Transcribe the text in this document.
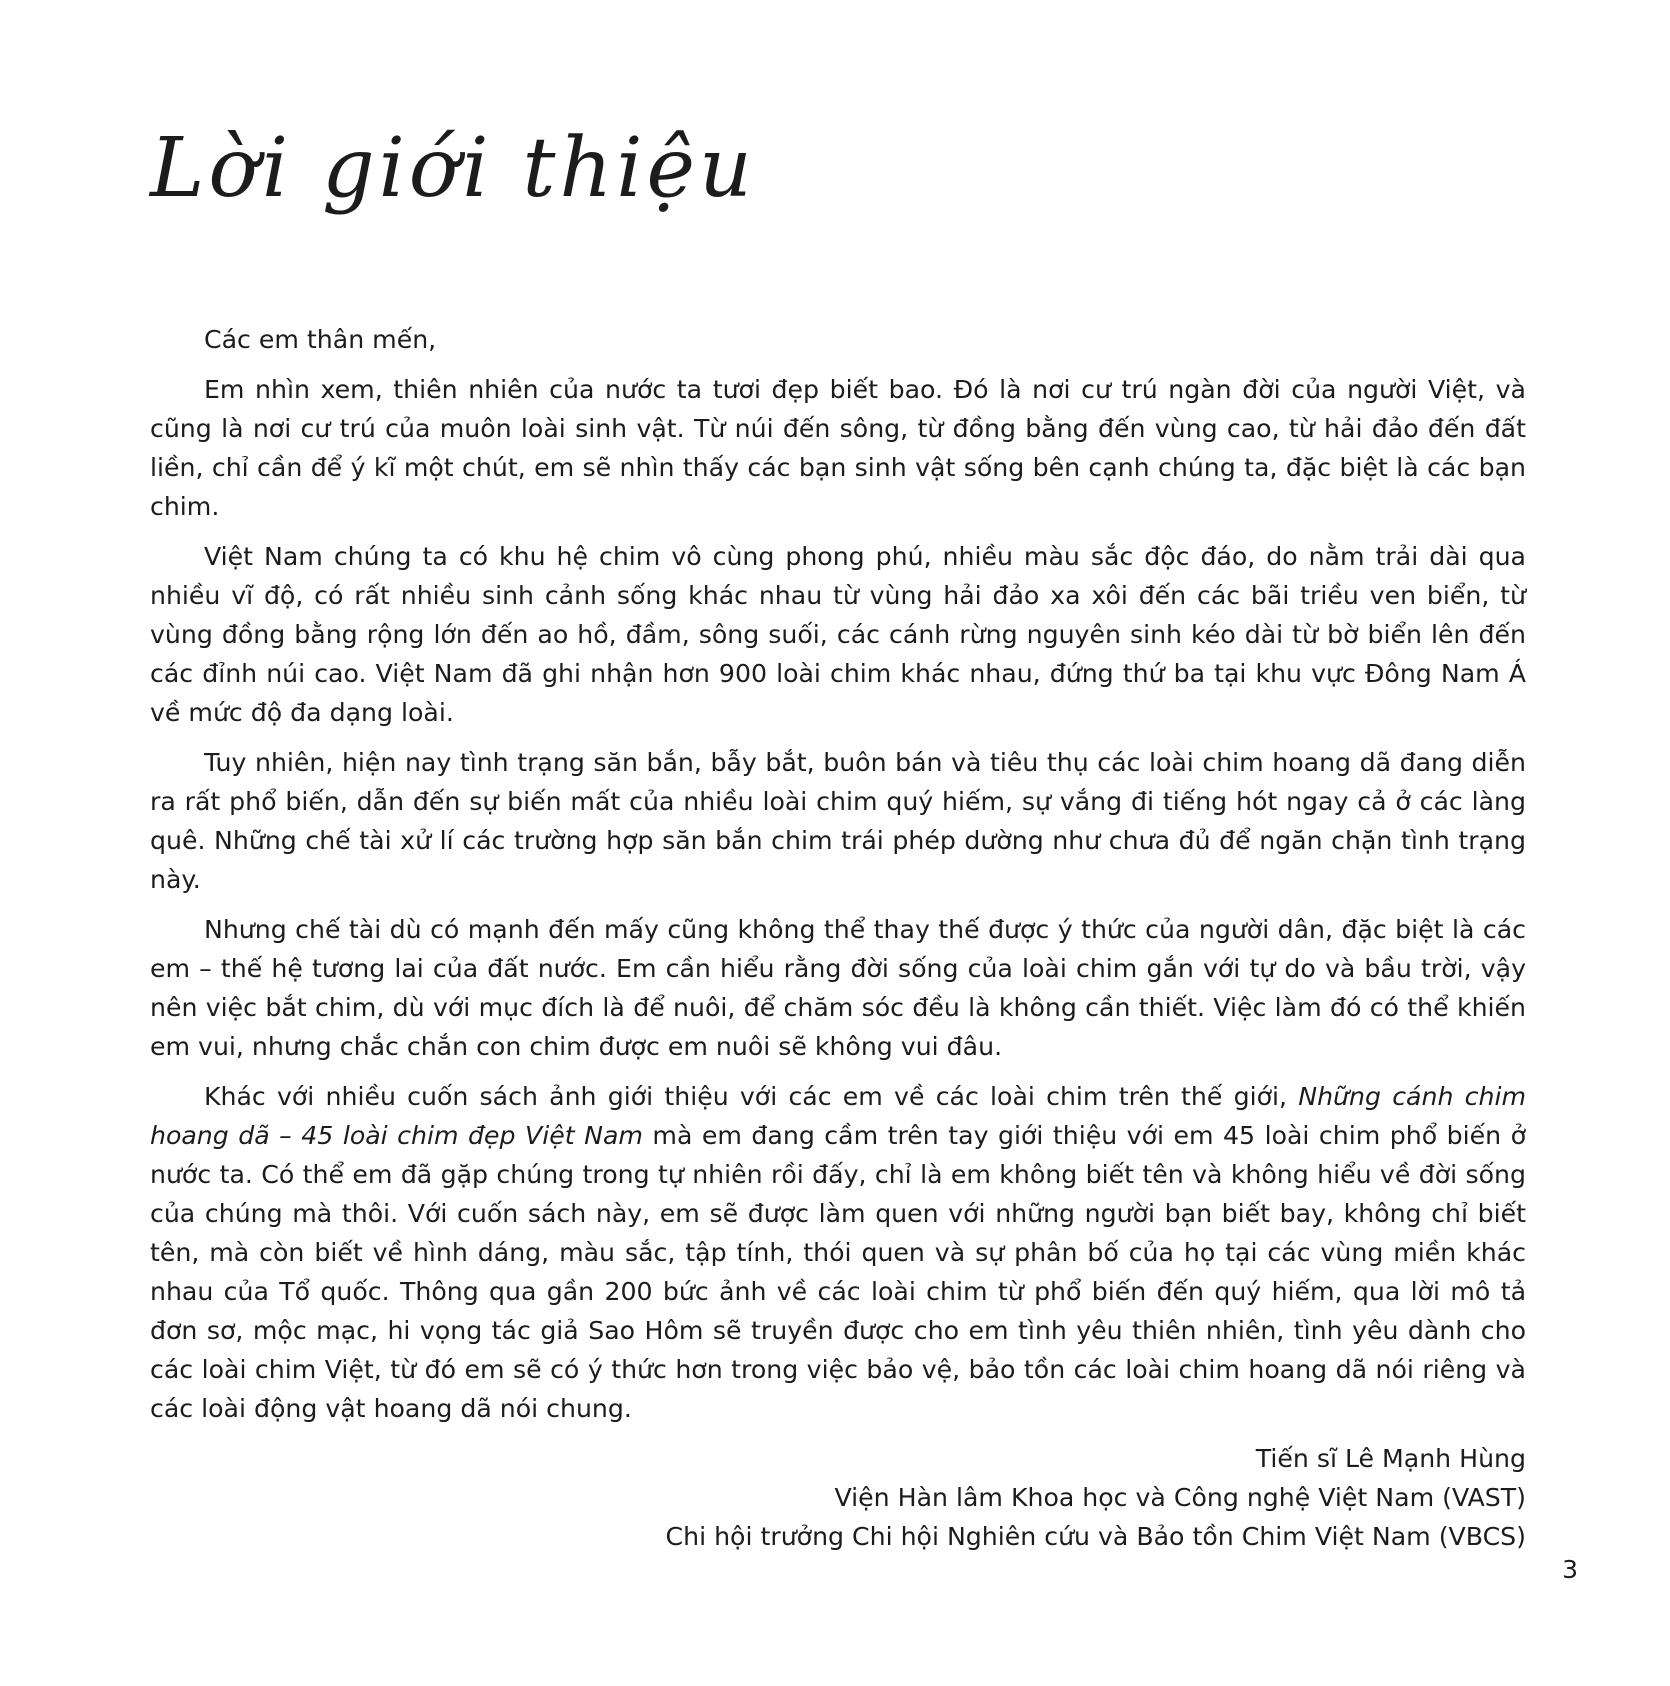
Lời giới thiệu

Các em thân mến,

Em nhìn xem, thiên nhiên của nước ta tươi đẹp biết bao. Đó là nơi cư trú ngàn đời của người Việt, và cũng là nơi cư trú của muôn loài sinh vật. Từ núi đến sông, từ đồng bằng đến vùng cao, từ hải đảo đến đất liền, chỉ cần để ý kĩ một chút, em sẽ nhìn thấy các bạn sinh vật sống bên cạnh chúng ta, đặc biệt là các bạn chim.

Việt Nam chúng ta có khu hệ chim vô cùng phong phú, nhiều màu sắc độc đáo, do nằm trải dài qua nhiều vĩ độ, có rất nhiều sinh cảnh sống khác nhau từ vùng hải đảo xa xôi đến các bãi triều ven biển, từ vùng đồng bằng rộng lớn đến ao hồ, đầm, sông suối, các cánh rừng nguyên sinh kéo dài từ bờ biển lên đến các đỉnh núi cao. Việt Nam đã ghi nhận hơn 900 loài chim khác nhau, đứng thứ ba tại khu vực Đông Nam Á về mức độ đa dạng loài.

Tuy nhiên, hiện nay tình trạng săn bắn, bẫy bắt, buôn bán và tiêu thụ các loài chim hoang dã đang diễn ra rất phổ biến, dẫn đến sự biến mất của nhiều loài chim quý hiếm, sự vắng đi tiếng hót ngay cả ở các làng quê. Những chế tài xử lí các trường hợp săn bắn chim trái phép dường như chưa đủ để ngăn chặn tình trạng này.

Nhưng chế tài dù có mạnh đến mấy cũng không thể thay thế được ý thức của người dân, đặc biệt là các em – thế hệ tương lai của đất nước. Em cần hiểu rằng đời sống của loài chim gắn với tự do và bầu trời, vậy nên việc bắt chim, dù với mục đích là để nuôi, để chăm sóc đều là không cần thiết. Việc làm đó có thể khiến em vui, nhưng chắc chắn con chim được em nuôi sẽ không vui đâu.

Khác với nhiều cuốn sách ảnh giới thiệu với các em về các loài chim trên thế giới, Những cánh chim hoang dã – 45 loài chim đẹp Việt Nam mà em đang cầm trên tay giới thiệu với em 45 loài chim phổ biến ở nước ta. Có thể em đã gặp chúng trong tự nhiên rồi đấy, chỉ là em không biết tên và không hiểu về đời sống của chúng mà thôi. Với cuốn sách này, em sẽ được làm quen với những người bạn biết bay, không chỉ biết tên, mà còn biết về hình dáng, màu sắc, tập tính, thói quen và sự phân bố của họ tại các vùng miền khác nhau của Tổ quốc. Thông qua gần 200 bức ảnh về các loài chim từ phổ biến đến quý hiếm, qua lời mô tả đơn sơ, mộc mạc, hi vọng tác giả Sao Hôm sẽ truyền được cho em tình yêu thiên nhiên, tình yêu dành cho các loài chim Việt, từ đó em sẽ có ý thức hơn trong việc bảo vệ, bảo tồn các loài chim hoang dã nói riêng và các loài động vật hoang dã nói chung.

Tiến sĩ Lê Mạnh Hùng
Viện Hàn lâm Khoa học và Công nghệ Việt Nam (VAST)
Chi hội trưởng Chi hội Nghiên cứu và Bảo tồn Chim Việt Nam (VBCS)
3
